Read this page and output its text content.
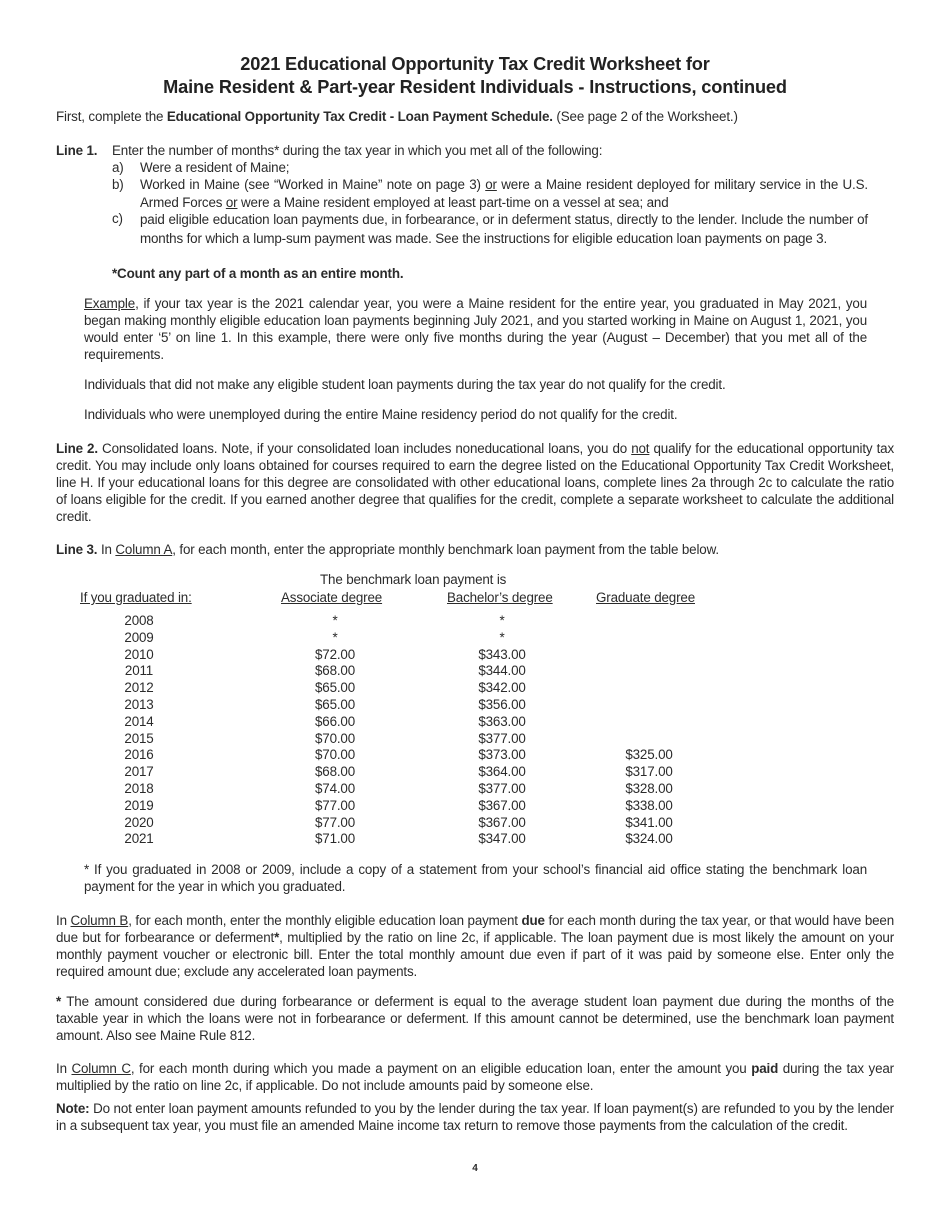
2021 Educational Opportunity Tax Credit Worksheet for
Maine Resident & Part-year Resident Individuals - Instructions, continued
First, complete the Educational Opportunity Tax Credit - Loan Payment Schedule. (See page 2 of the Worksheet.)
Line 1. Enter the number of months* during the tax year in which you met all of the following:
a) Were a resident of Maine;
b) Worked in Maine (see “Worked in Maine” note on page 3) or were a Maine resident deployed for military service in the U.S. Armed Forces or were a Maine resident employed at least part-time on a vessel at sea; and
c) paid eligible education loan payments due, in forbearance, or in deferment status, directly to the lender. Include the number of months for which a lump-sum payment was made. See the instructions for eligible education loan payments on page 3.
*Count any part of a month as an entire month.
Example, if your tax year is the 2021 calendar year, you were a Maine resident for the entire year, you graduated in May 2021, you began making monthly eligible education loan payments beginning July 2021, and you started working in Maine on August 1, 2021, you would enter ‘5’ on line 1. In this example, there were only five months during the year (August – December) that you met all of the requirements.
Individuals that did not make any eligible student loan payments during the tax year do not qualify for the credit.
Individuals who were unemployed during the entire Maine residency period do not qualify for the credit.
Line 2. Consolidated loans. Note, if your consolidated loan includes noneducational loans, you do not qualify for the educational opportunity tax credit. You may include only loans obtained for courses required to earn the degree listed on the Educational Opportunity Tax Credit Worksheet, line H. If your educational loans for this degree are consolidated with other educational loans, complete lines 2a through 2c to calculate the ratio of loans eligible for the credit. If you earned another degree that qualifies for the credit, complete a separate worksheet to calculate the additional credit.
Line 3. In Column A, for each month, enter the appropriate monthly benchmark loan payment from the table below.
The benchmark loan payment is
If you graduated in:	Associate degree	Bachelor’s degree	Graduate degree
2008	*	*
2009	*	*
2010	$72.00	$343.00
2011	$68.00	$344.00
2012	$65.00	$342.00
2013	$65.00	$356.00
2014	$66.00	$363.00
2015	$70.00	$377.00
2016	$70.00	$373.00	$325.00
2017	$68.00	$364.00	$317.00
2018	$74.00	$377.00	$328.00
2019	$77.00	$367.00	$338.00
2020	$77.00	$367.00	$341.00
2021	$71.00	$347.00	$324.00
* If you graduated in 2008 or 2009, include a copy of a statement from your school’s financial aid office stating the benchmark loan payment for the year in which you graduated.
In Column B, for each month, enter the monthly eligible education loan payment due for each month during the tax year, or that would have been due but for forbearance or deferment*, multiplied by the ratio on line 2c, if applicable. The loan payment due is most likely the amount on your monthly payment voucher or electronic bill. Enter the total monthly amount due even if part of it was paid by someone else. Enter only the required amount due; exclude any accelerated loan payments.
* The amount considered due during forbearance or deferment is equal to the average student loan payment due during the months of the taxable year in which the loans were not in forbearance or deferment. If this amount cannot be determined, use the benchmark loan payment amount. Also see Maine Rule 812.
In Column C, for each month during which you made a payment on an eligible education loan, enter the amount you paid during the tax year multiplied by the ratio on line 2c, if applicable. Do not include amounts paid by someone else.
Note: Do not enter loan payment amounts refunded to you by the lender during the tax year. If loan payment(s) are refunded to you by the lender in a subsequent tax year, you must file an amended Maine income tax return to remove those payments from the calculation of the credit.
4
